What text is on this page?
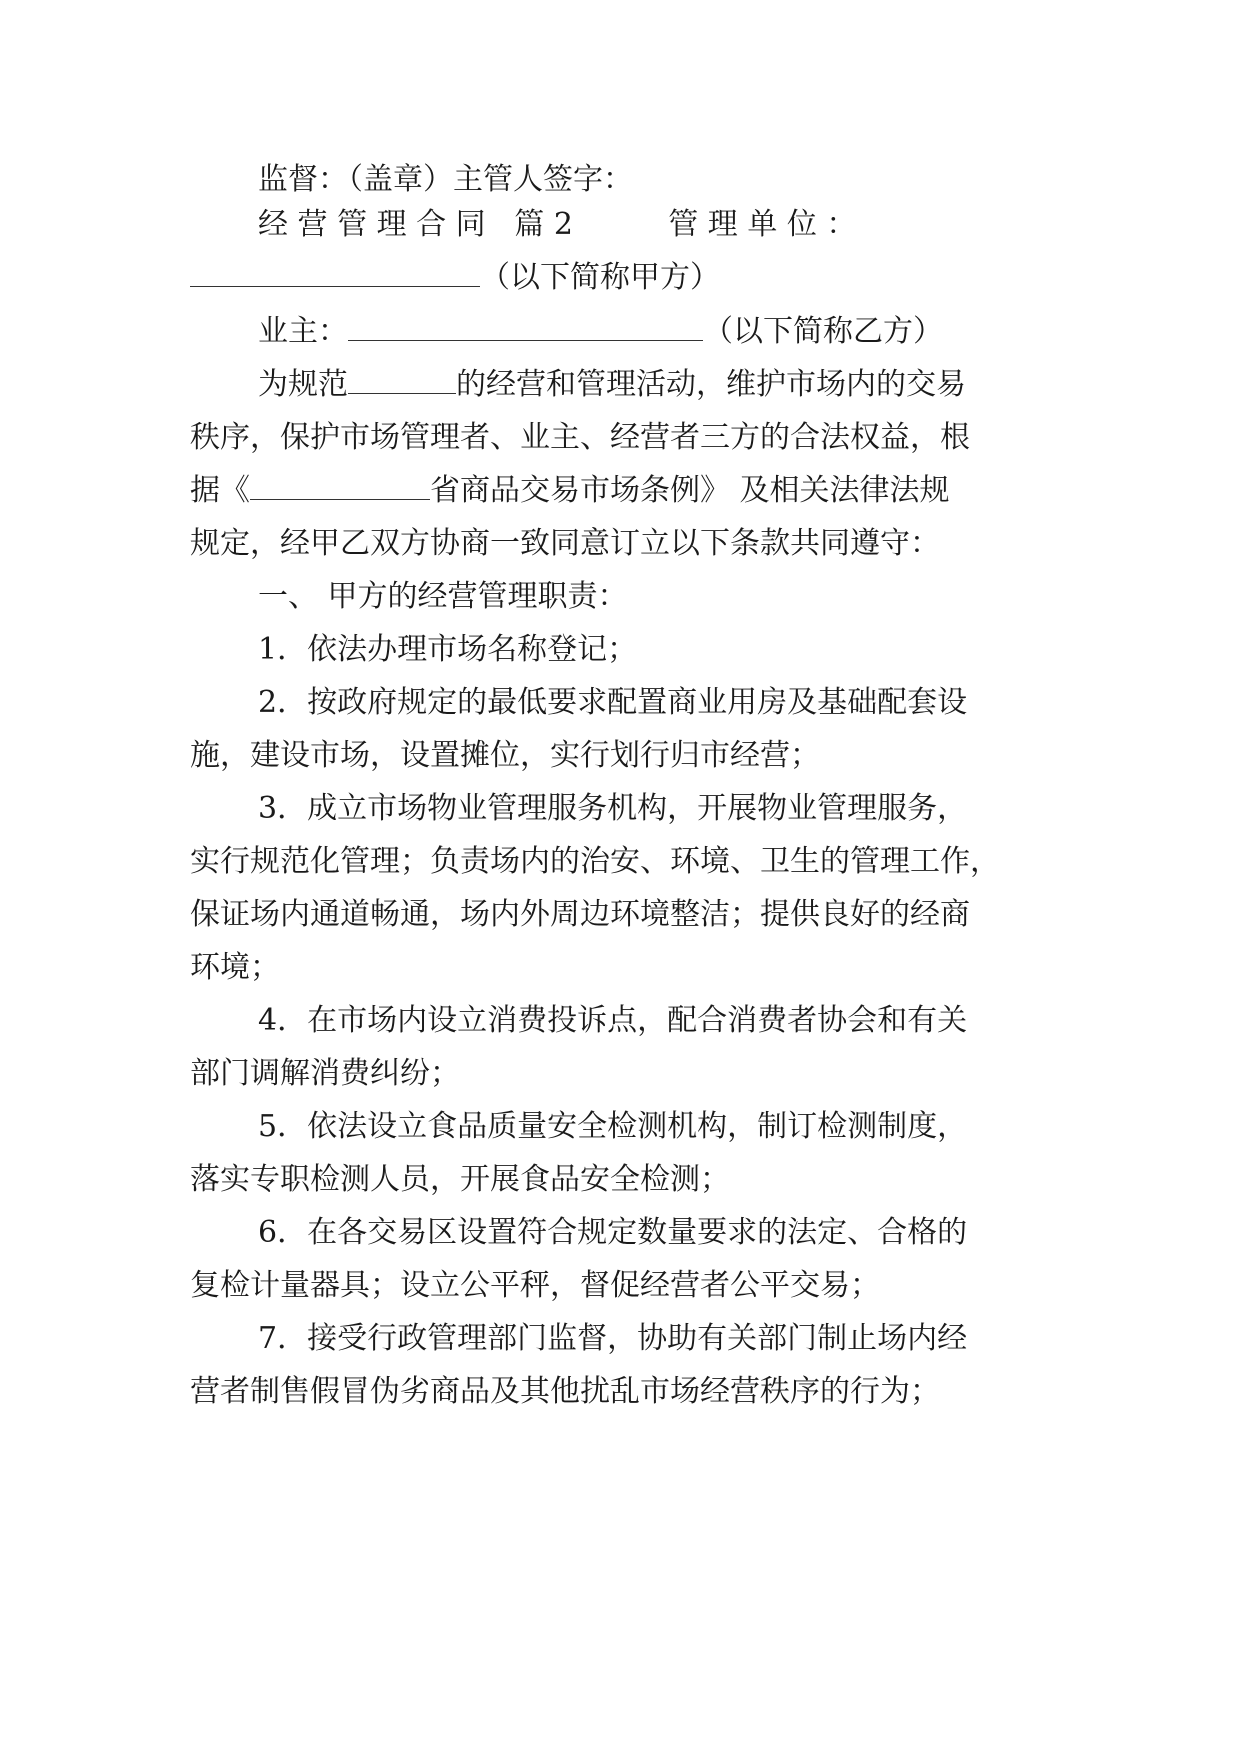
监督：（盖章）主管人签字：
经 营 管 理 合 同   篇 2          管 理 单 位 ：
（以下简称甲方）
业主：	（以下简称乙方）
为规范	的经营和管理活动，维护市场内的交易
秩序，保护市场管理者、业主、经营者三方的合法权益，根
据《	省商品交易市场条例》 及相关法律法规
规定，经甲乙双方协商一致同意订立以下条款共同遵守：
一、 甲方的经营管理职责：
1．依法办理市场名称登记；
2．按政府规定的最低要求配置商业用房及基础配套设
施，建设市场，设置摊位，实行划行归市经营；
3．成立市场物业管理服务机构，开展物业管理服务，
实行规范化管理；负责场内的治安、环境、卫生的管理工作，
保证场内通道畅通，场内外周边环境整洁；提供良好的经商
环境；
4．在市场内设立消费投诉点，配合消费者协会和有关
部门调解消费纠纷；
5．依法设立食品质量安全检测机构，制订检测制度，
落实专职检测人员，开展食品安全检测；
6．在各交易区设置符合规定数量要求的法定、合格的
复检计量器具；设立公平秤，督促经营者公平交易；
7．接受行政管理部门监督，协助有关部门制止场内经
营者制售假冒伪劣商品及其他扰乱市场经营秩序的行为；
